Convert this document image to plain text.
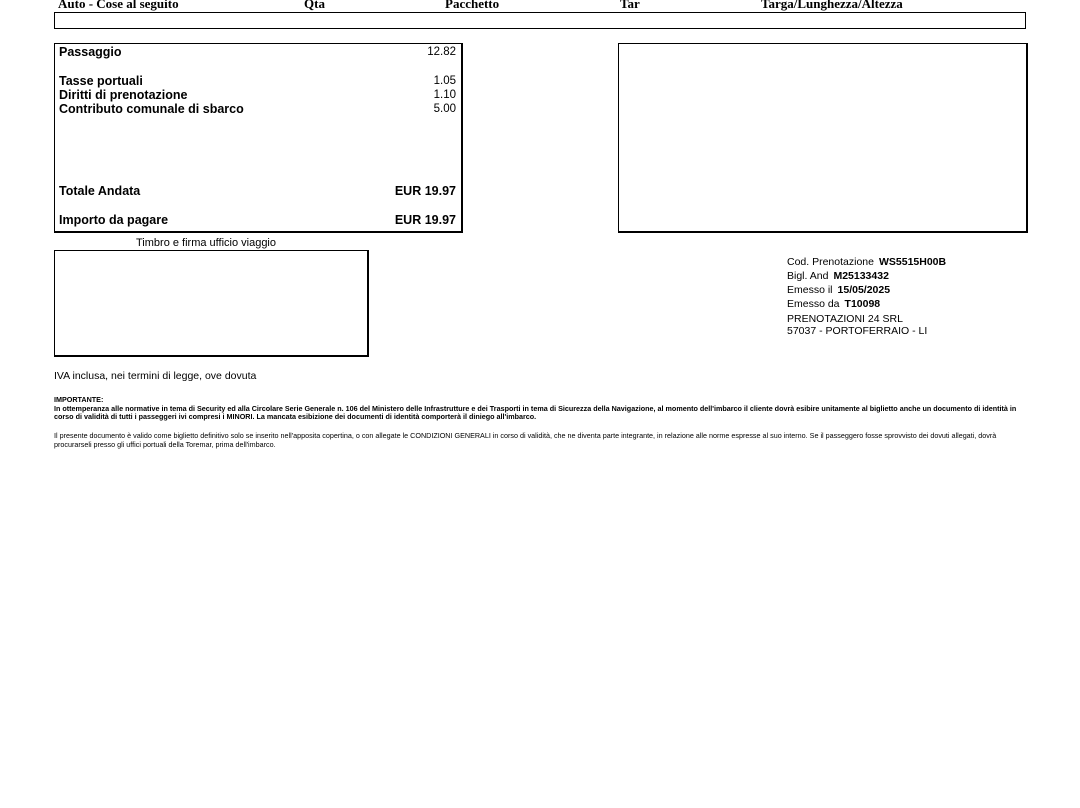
Auto - Cose al seguito	Qta	Pacchetto	Tar	Targa/Lunghezza/Altezza
Passaggio	12.82
Tasse portuali	1.05
Diritti di prenotazione	1.10
Contributo comunale di sbarco	5.00
Totale Andata	EUR 19.97
Importo da pagare	EUR 19.97
Timbro e firma ufficio viaggio
Cod. Prenotazione WS5515H00B
Bigl. And M25133432
Emesso il 15/05/2025
Emesso da T10098
PRENOTAZIONI 24 SRL
57037 - PORTOFERRAIO - LI
IVA inclusa, nei termini di legge, ove dovuta
IMPORTANTE:
In ottemperanza alle normative in tema di Security ed alla Circolare Serie Generale n. 106 del Ministero delle Infrastrutture e dei Trasporti in tema di Sicurezza della Navigazione, al momento dell'imbarco il cliente dovrà esibire unitamente al biglietto anche un documento di identità in corso di validità di tutti i passeggeri ivi compresi i MINORI. La mancata esibizione dei documenti di identità comporterà il diniego all'imbarco.
Il presente documento è valido come biglietto definitivo solo se inserito nell'apposita copertina, o con allegate le CONDIZIONI GENERALI in corso di validità, che ne diventa parte integrante, in relazione alle norme espresse al suo interno. Se il passeggero fosse sprovvisto dei dovuti allegati, dovrà procurarseli presso gli uffici portuali della Toremar, prima dell'imbarco.
